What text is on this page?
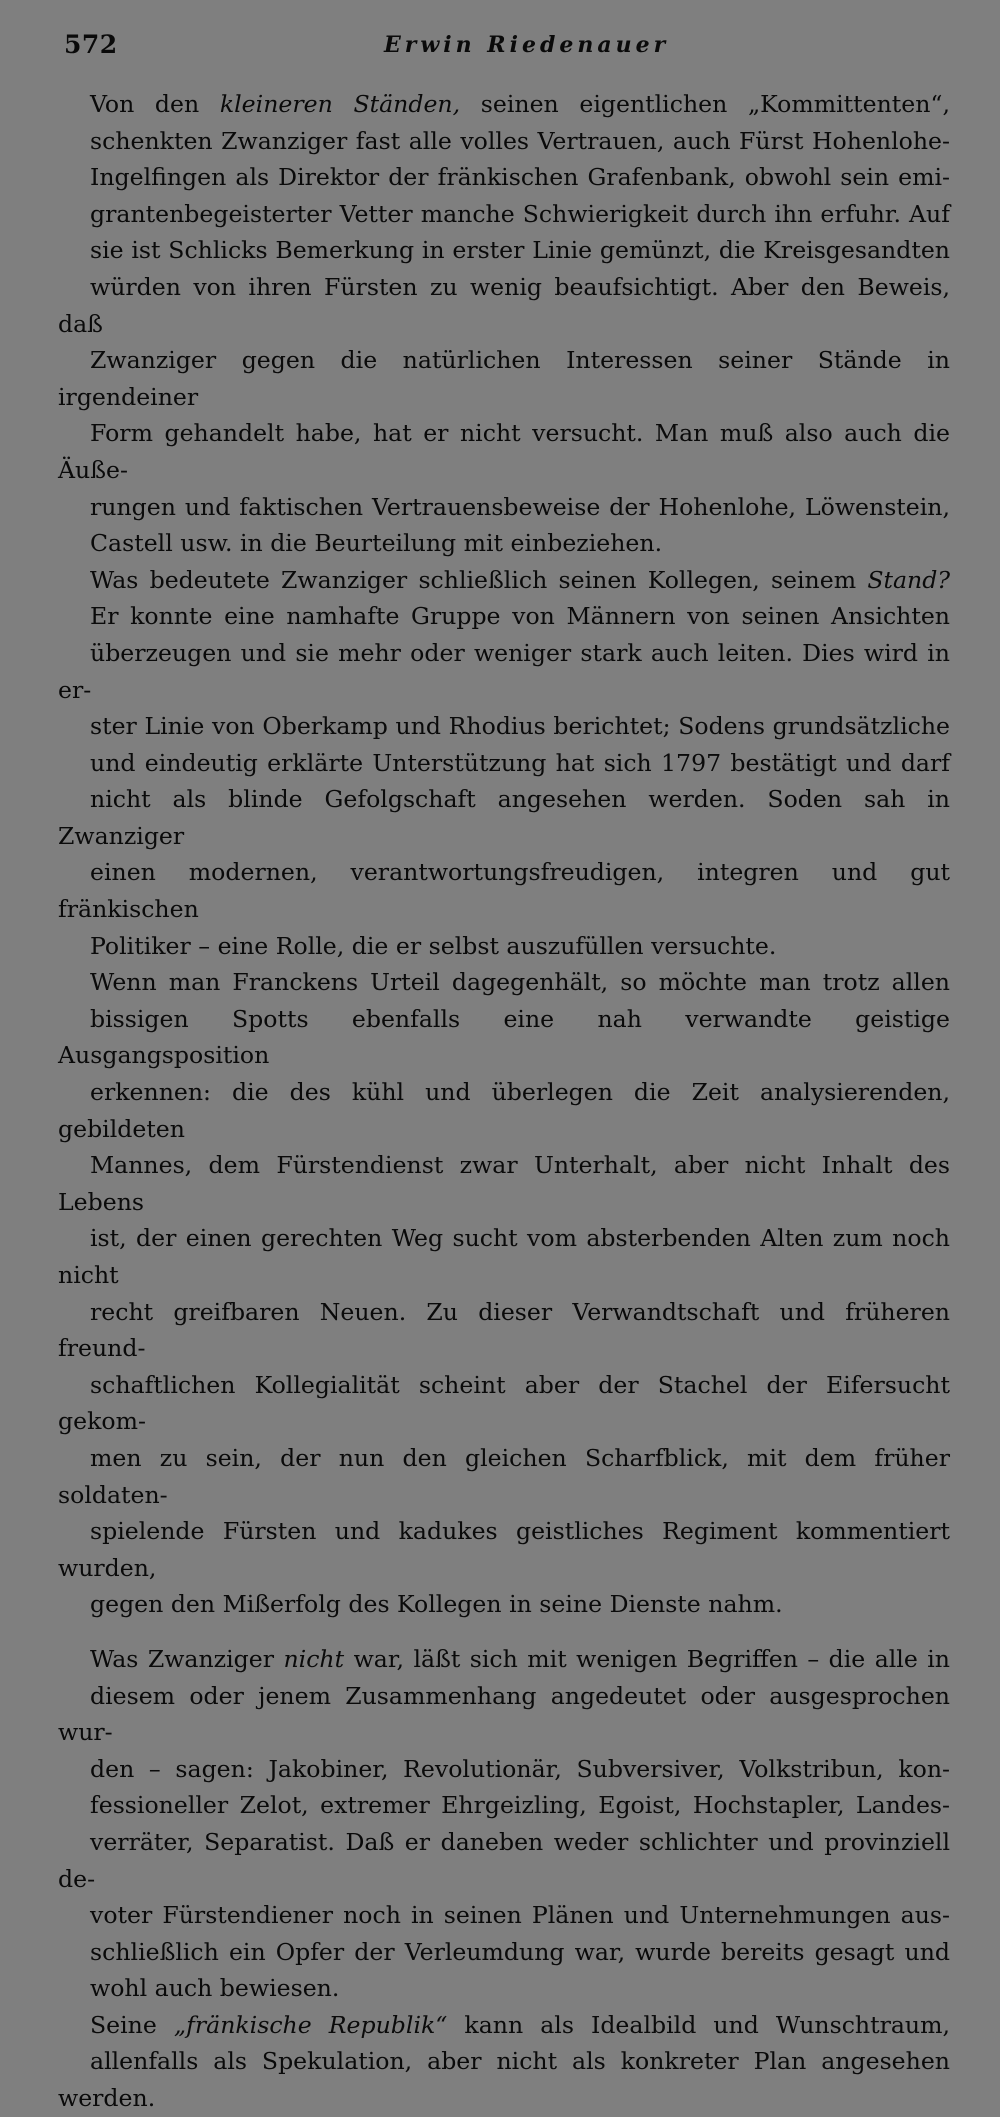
572	Erwin Riedenauer
Von den kleineren Ständen, seinen eigentlichen „Kommittenten“,
schenkten Zwanziger fast alle volles Vertrauen, auch Fürst Hohenlohe-
Ingelfingen als Direktor der fränkischen Grafenbank, obwohl sein emi-
grantenbegeisterter Vetter manche Schwierigkeit durch ihn erfuhr. Auf
sie ist Schlicks Bemerkung in erster Linie gemünzt, die Kreisgesandten
würden von ihren Fürsten zu wenig beaufsichtigt. Aber den Beweis, daß
Zwanziger gegen die natürlichen Interessen seiner Stände in irgendeiner
Form gehandelt habe, hat er nicht versucht. Man muß also auch die Äuße-
rungen und faktischen Vertrauensbeweise der Hohenlohe, Löwenstein,
Castell usw. in die Beurteilung mit einbeziehen.
Was bedeutete Zwanziger schließlich seinen Kollegen, seinem Stand?
Er konnte eine namhafte Gruppe von Männern von seinen Ansichten
überzeugen und sie mehr oder weniger stark auch leiten. Dies wird in er-
ster Linie von Oberkamp und Rhodius berichtet; Sodens grundsätzliche
und eindeutig erklärte Unterstützung hat sich 1797 bestätigt und darf
nicht als blinde Gefolgschaft angesehen werden. Soden sah in Zwanziger
einen modernen, verantwortungsfreudigen, integren und gut fränkischen
Politiker – eine Rolle, die er selbst auszufüllen versuchte.
Wenn man Franckens Urteil dagegenhält, so möchte man trotz allen
bissigen Spotts ebenfalls eine nah verwandte geistige Ausgangsposition
erkennen: die des kühl und überlegen die Zeit analysierenden, gebildeten
Mannes, dem Fürstendienst zwar Unterhalt, aber nicht Inhalt des Lebens
ist, der einen gerechten Weg sucht vom absterbenden Alten zum noch nicht
recht greifbaren Neuen. Zu dieser Verwandtschaft und früheren freund-
schaftlichen Kollegialität scheint aber der Stachel der Eifersucht gekom-
men zu sein, der nun den gleichen Scharfblick, mit dem früher soldaten-
spielende Fürsten und kadukes geistliches Regiment kommentiert wurden,
gegen den Mißerfolg des Kollegen in seine Dienste nahm.
Was Zwanziger nicht war, läßt sich mit wenigen Begriffen – die alle in
diesem oder jenem Zusammenhang angedeutet oder ausgesprochen wur-
den – sagen: Jakobiner, Revolutionär, Subversiver, Volkstribun, kon-
fessioneller Zelot, extremer Ehrgeizling, Egoist, Hochstapler, Landes-
verräter, Separatist. Daß er daneben weder schlichter und provinziell de-
voter Fürstendiener noch in seinen Plänen und Unternehmungen aus-
schließlich ein Opfer der Verleumdung war, wurde bereits gesagt und
wohl auch bewiesen.
Seine „fränkische Republik“ kann als Idealbild und Wunschtraum,
allenfalls als Spekulation, aber nicht als konkreter Plan angesehen werden.
